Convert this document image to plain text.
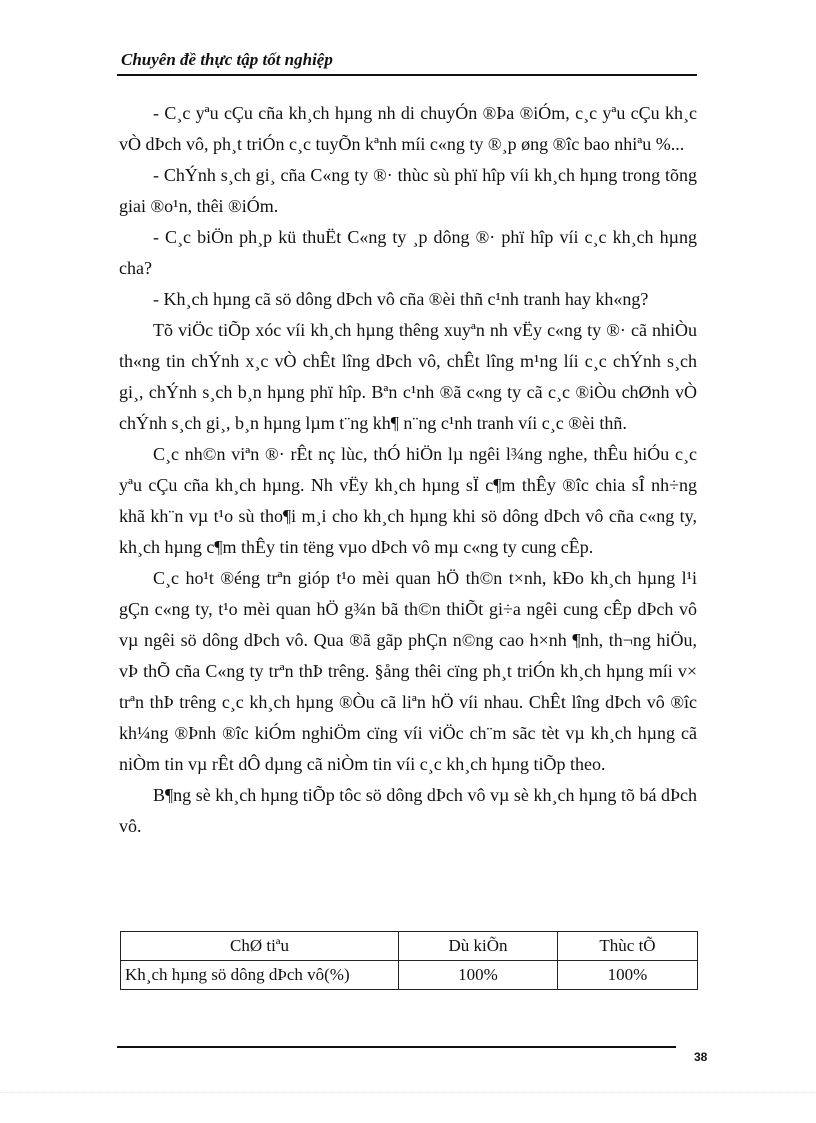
Chuyên đề thực tập tốt nghiệp

- C¸c yªu cÇu cña kh¸ch hµng nh di chuyÓn ®Þa ®iÓm, c¸c yªu cÇu kh¸c vÒ dÞch vô, ph¸t triÓn c¸c tuyÕn kªnh míi c«ng ty ®¸p øng ®îc bao nhiªu %...

- ChÝnh s¸ch gi¸ cña C«ng ty ®· thùc sù phï hîp víi kh¸ch hµng trong tõng giai ®o¹n, thêi ®iÓm.

- C¸c biÖn ph¸p kü thuËt C«ng ty ¸p dông ®· phï hîp víi c¸c kh¸ch hµng cha?

- Kh¸ch hµng cã sö dông dÞch vô cña ®èi thñ c¹nh tranh hay kh«ng?

Tõ viÖc tiÕp xóc víi kh¸ch hµng thêng xuyªn nh vËy c«ng ty ®· cã nhiÒu th«ng tin chÝnh x¸c vÒ chÊt lîng dÞch vô, chÊt lîng m¹ng líi c¸c chÝnh s¸ch gi¸, chÝnh s¸ch b¸n hµng phï hîp. Bªn c¹nh ®ã c«ng ty cã c¸c ®iÒu chØnh vÒ chÝnh s¸ch gi¸, b¸n hµng lµm t¨ng kh¶ n¨ng c¹nh tranh víi c¸c ®èi thñ.

C¸c nh©n viªn ®· rÊt nç lùc, thÓ hiÖn lµ ngêi l¾ng nghe, thÊu hiÓu c¸c yªu cÇu cña kh¸ch hµng. Nh vËy kh¸ch hµng sÏ c¶m thÊy ®îc chia sÎ nh÷ng khã kh¨n vµ t¹o sù tho¶i m¸i cho kh¸ch hµng khi sö dông dÞch vô cña c«ng ty, kh¸ch hµng c¶m thÊy tin tëng vµo dÞch vô mµ c«ng ty cung cÊp.

C¸c ho¹t ®éng trªn gióp t¹o mèi quan hÖ th©n t×nh, kÐo kh¸ch hµng l¹i gÇn c«ng ty, t¹o mèi quan hÖ g¾n bã th©n thiÕt gi÷a ngêi cung cÊp dÞch vô vµ ngêi sö dông dÞch vô. Qua ®ã gãp phÇn n©ng cao h×nh ¶nh, th¬ng hiÖu, vÞ thÕ cña C«ng ty trªn thÞ trêng. §ång thêi cïng ph¸t triÓn kh¸ch hµng míi v× trªn thÞ trêng c¸c kh¸ch hµng ®Òu cã liªn hÖ víi nhau. ChÊt lîng dÞch vô ®îc kh¼ng ®Þnh ®îc kiÓm nghiÖm cïng víi viÖc ch¨m sãc tèt vµ kh¸ch hµng cã niÒm tin vµ rÊt dÔ dµng cã niÒm tin víi c¸c kh¸ch hµng tiÕp theo.

B¶ng sè kh¸ch hµng tiÕp tôc sö dông dÞch vô vµ sè kh¸ch hµng tõ bá dÞch vô.

ChØ tiªu	Dù kiÕn	Thùc tÕ
Kh¸ch hµng sö dông dÞch vô(%)	100%	100%
38
